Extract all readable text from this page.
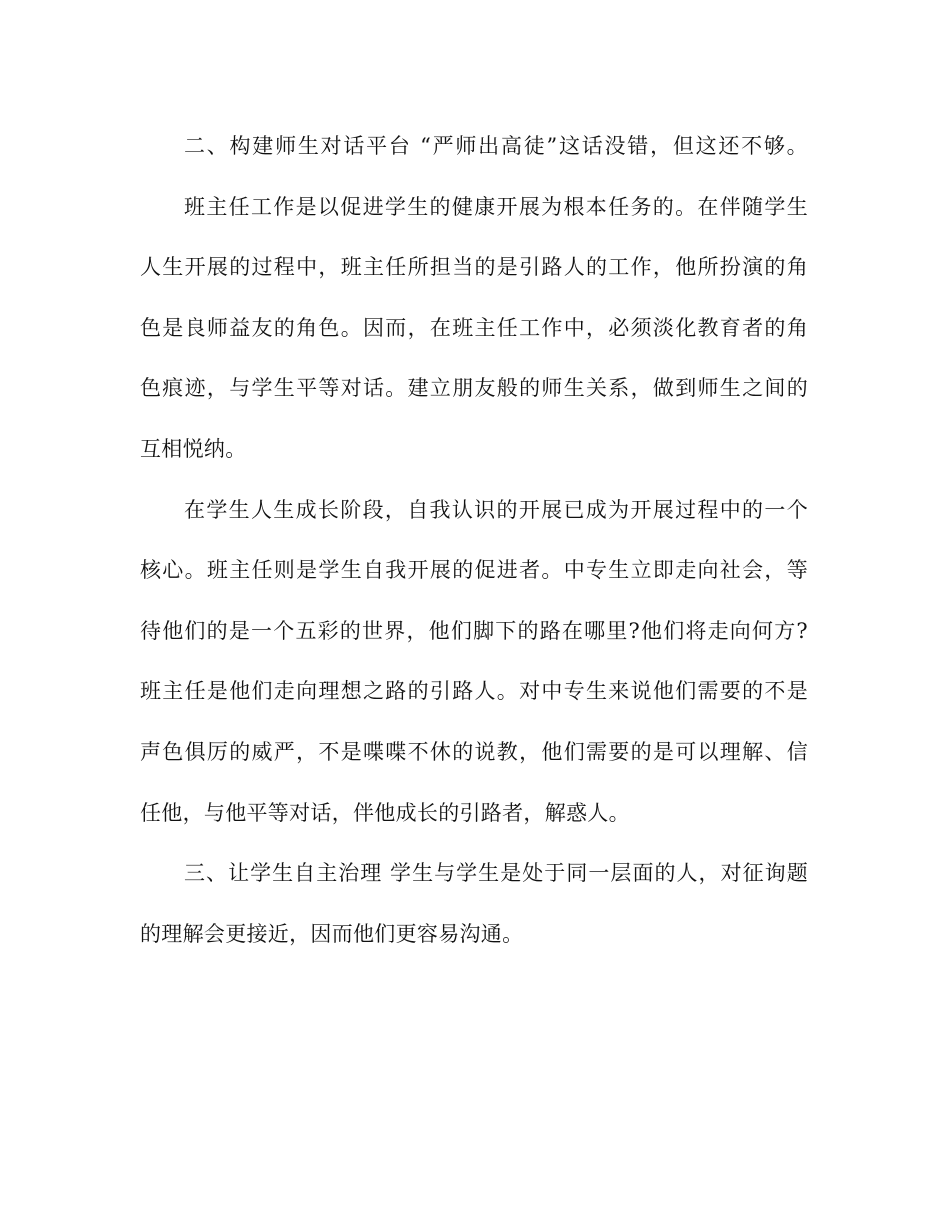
二、构建师生对话平台 “严师出高徒”这话没错，但这还不够。
班主任工作是以促进学生的健康开展为根本任务的。在伴随学生
人生开展的过程中，班主任所担当的是引路人的工作，他所扮演的角
色是良师益友的角色。因而，在班主任工作中，必须淡化教育者的角
色痕迹，与学生平等对话。建立朋友般的师生关系，做到师生之间的
互相悦纳。
在学生人生成长阶段，自我认识的开展已成为开展过程中的一个
核心。班主任则是学生自我开展的促进者。中专生立即走向社会，等
待他们的是一个五彩的世界，他们脚下的路在哪里?他们将走向何方?
班主任是他们走向理想之路的引路人。对中专生来说他们需要的不是
声色俱厉的威严，不是喋喋不休的说教，他们需要的是可以理解、信
任他，与他平等对话，伴他成长的引路者，解惑人。
三、让学生自主治理 学生与学生是处于同一层面的人，对征询题
的理解会更接近，因而他们更容易沟通。
